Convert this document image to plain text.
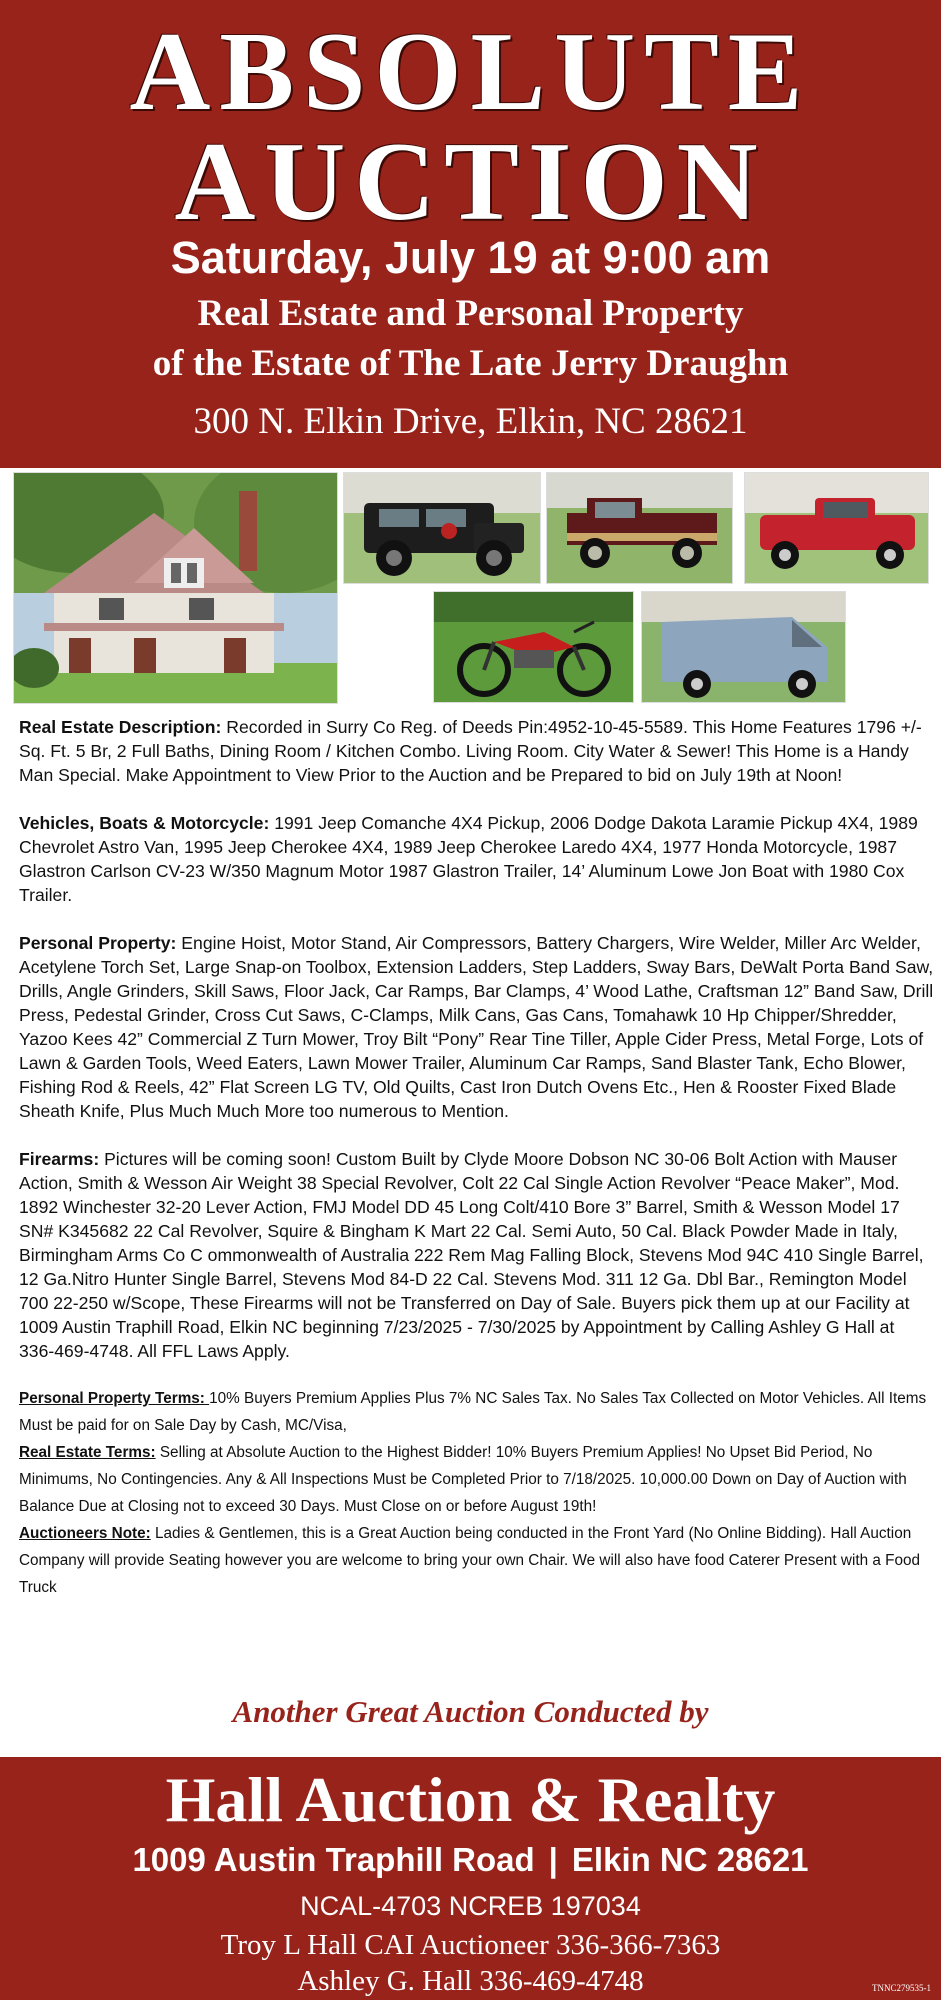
ABSOLUTE
AUCTION
Saturday, July 19 at 9:00 am
Real Estate and Personal Property
of the Estate of The Late Jerry Draughn
300 N. Elkin Drive, Elkin, NC 28621

Real Estate Description: Recorded in Surry Co Reg. of Deeds Pin:4952-10-45-5589. This Home Features 1796 +/- Sq. Ft. 5 Br, 2 Full Baths, Dining Room / Kitchen Combo. Living Room. City Water & Sewer! This Home is a Handy Man Special. Make Appointment to View Prior to the Auction and be Prepared to bid on July 19th at Noon!

Vehicles, Boats & Motorcycle: 1991 Jeep Comanche 4X4 Pickup, 2006 Dodge Dakota Laramie Pickup 4X4, 1989 Chevrolet Astro Van, 1995 Jeep Cherokee 4X4, 1989 Jeep Cherokee Laredo 4X4, 1977 Honda Motorcycle, 1987 Glastron Carlson CV-23 W/350 Magnum Motor 1987 Glastron Trailer, 14’ Aluminum Lowe Jon Boat with 1980 Cox Trailer.

Personal Property: Engine Hoist, Motor Stand, Air Compressors, Battery Chargers, Wire Welder, Miller Arc Welder, Acetylene Torch Set, Large Snap-on Toolbox, Extension Ladders, Step Ladders, Sway Bars, DeWalt Porta Band Saw, Drills, Angle Grinders, Skill Saws, Floor Jack, Car Ramps, Bar Clamps, 4’ Wood Lathe, Craftsman 12” Band Saw, Drill Press, Pedestal Grinder, Cross Cut Saws, C-Clamps, Milk Cans, Gas Cans, Tomahawk 10 Hp Chipper/Shredder, Yazoo Kees 42” Commercial Z Turn Mower, Troy Bilt “Pony” Rear Tine Tiller, Apple Cider Press, Metal Forge, Lots of Lawn & Garden Tools, Weed Eaters, Lawn Mower Trailer, Aluminum Car Ramps, Sand Blaster Tank, Echo Blower, Fishing Rod & Reels, 42” Flat Screen LG TV, Old Quilts, Cast Iron Dutch Ovens Etc., Hen & Rooster Fixed Blade Sheath Knife, Plus Much Much More too numerous to Mention.

Firearms: Pictures will be coming soon! Custom Built by Clyde Moore Dobson NC 30-06 Bolt Action with Mauser Action, Smith & Wesson Air Weight 38 Special Revolver, Colt 22 Cal Single Action Revolver “Peace Maker”, Mod. 1892 Winchester 32-20 Lever Action, FMJ Model DD 45 Long Colt/410 Bore 3” Barrel, Smith & Wesson Model 17 SN# K345682 22 Cal Revolver, Squire & Bingham K Mart 22 Cal. Semi Auto, 50 Cal. Black Powder Made in Italy, Birmingham Arms Co C ommonwealth of Australia 222 Rem Mag Falling Block, Stevens Mod 94C 410 Single Barrel, 12 Ga.Nitro Hunter Single Barrel, Stevens Mod 84-D 22 Cal. Stevens Mod. 311 12 Ga. Dbl Bar., Remington Model 700 22-250 w/Scope, These Firearms will not be Transferred on Day of Sale. Buyers pick them up at our Facility at 1009 Austin Traphill Road, Elkin NC beginning 7/23/2025 - 7/30/2025 by Appointment by Calling Ashley G Hall at 336-469-4748. All FFL Laws Apply.

Personal Property Terms: 10% Buyers Premium Applies Plus 7% NC Sales Tax. No Sales Tax Collected on Motor Vehicles. All Items Must be paid for on Sale Day by Cash, MC/Visa,

Real Estate Terms: Selling at Absolute Auction to the Highest Bidder! 10% Buyers Premium Applies! No Upset Bid Period, No Minimums, No Contingencies. Any & All Inspections Must be Completed Prior to 7/18/2025. 10,000.00 Down on Day of Auction with Balance Due at Closing not to exceed 30 Days. Must Close on or before August 19th!

Auctioneers Note: Ladies & Gentlemen, this is a Great Auction being conducted in the Front Yard (No Online Bidding). Hall Auction Company will provide Seating however you are welcome to bring your own Chair. We will also have food Caterer Present with a Food Truck

Another Great Auction Conducted by
Hall Auction & Realty
1009 Austin Traphill Road | Elkin NC 28621
NCAL-4703 NCREB 197034
Troy L Hall CAI Auctioneer 336-366-7363
Ashley G. Hall 336-469-4748	TNNC279535-1
